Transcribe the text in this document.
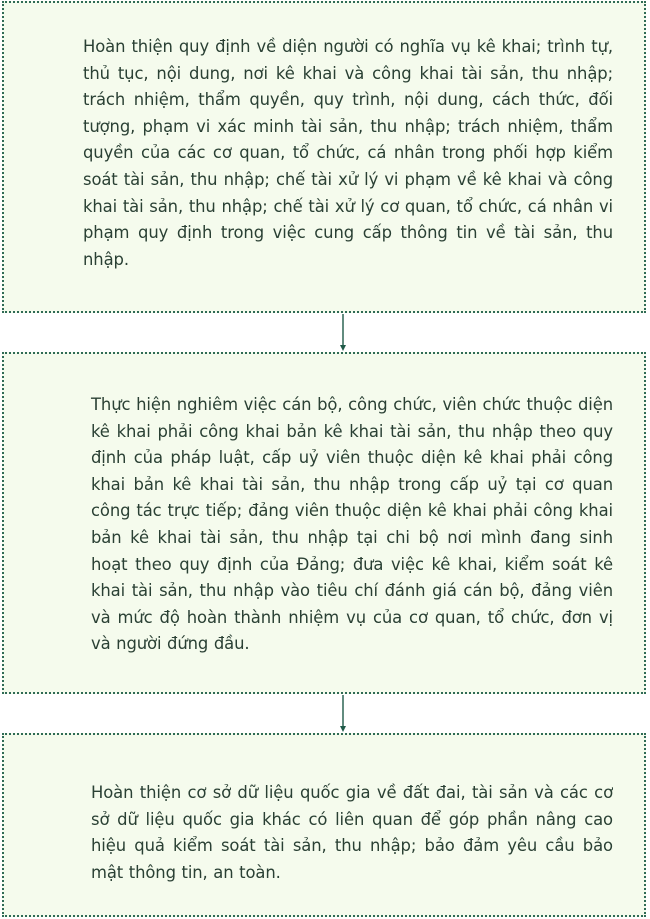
Hoàn thiện quy định về diện người có nghĩa vụ kê khai; trình tự, thủ tục, nội dung, nơi kê khai và công khai tài sản, thu nhập; trách nhiệm, thẩm quyền, quy trình, nội dung, cách thức, đối tượng, phạm vi xác minh tài sản, thu nhập; trách nhiệm, thẩm quyền của các cơ quan, tổ chức, cá nhân trong phối hợp kiểm soát tài sản, thu nhập; chế tài xử lý vi phạm về kê khai và công khai tài sản, thu nhập; chế tài xử lý cơ quan, tổ chức, cá nhân vi phạm quy định trong việc cung cấp thông tin về tài sản, thu nhập.

Thực hiện nghiêm việc cán bộ, công chức, viên chức thuộc diện kê khai phải công khai bản kê khai tài sản, thu nhập theo quy định của pháp luật, cấp uỷ viên thuộc diện kê khai phải công khai bản kê khai tài sản, thu nhập trong cấp uỷ tại cơ quan công tác trực tiếp; đảng viên thuộc diện kê khai phải công khai bản kê khai tài sản, thu nhập tại chi bộ nơi mình đang sinh hoạt theo quy định của Đảng; đưa việc kê khai, kiểm soát kê khai tài sản, thu nhập vào tiêu chí đánh giá cán bộ, đảng viên và mức độ hoàn thành nhiệm vụ của cơ quan, tổ chức, đơn vị và người đứng đầu.

Hoàn thiện cơ sở dữ liệu quốc gia về đất đai, tài sản và các cơ sở dữ liệu quốc gia khác có liên quan để góp phần nâng cao hiệu quả kiểm soát tài sản, thu nhập; bảo đảm yêu cầu bảo mật thông tin, an toàn.
